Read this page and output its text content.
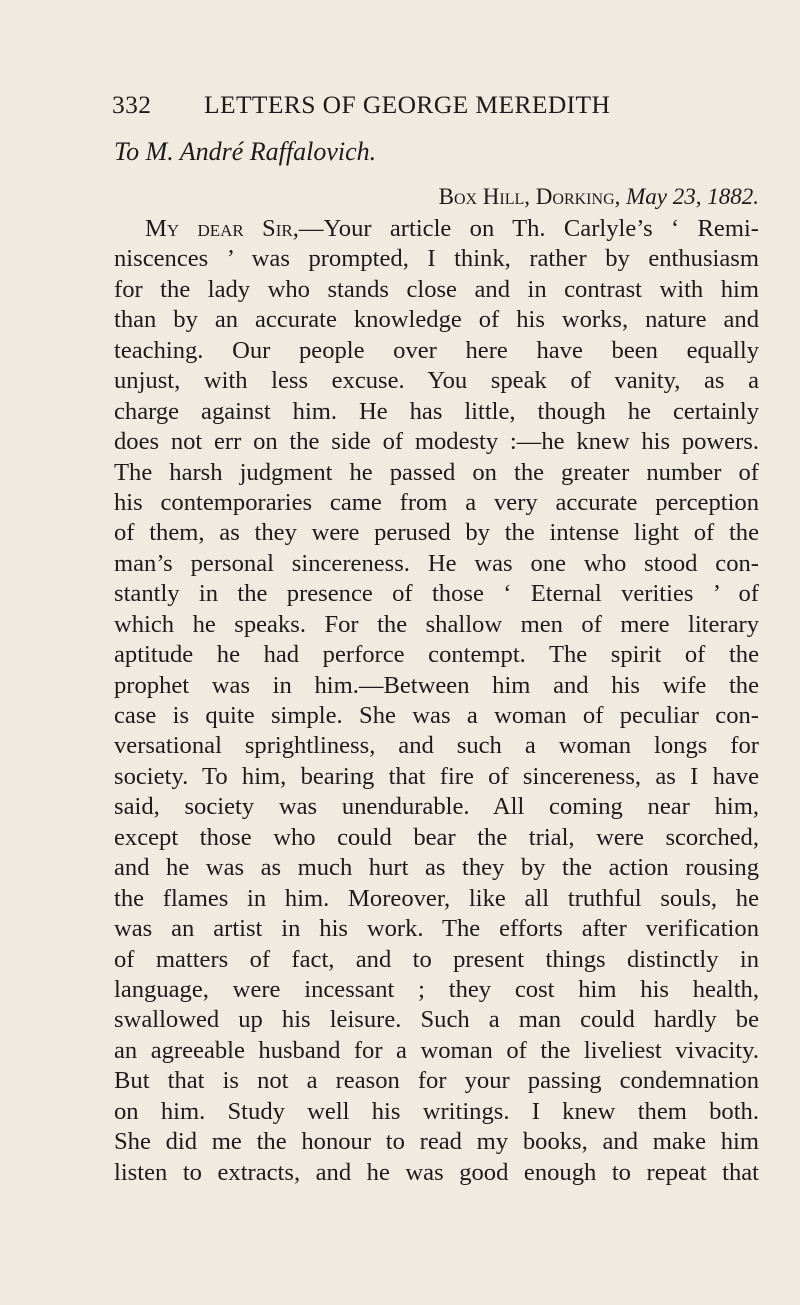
332 LETTERS OF GEORGE MEREDITH
To M. André Raffalovich.
Box Hill, Dorking, May 23, 1882.
My dear Sir,—Your article on Th. Carlyle’s ‘ Remi-
niscences ’ was prompted, I think, rather by enthusiasm
for the lady who stands close and in contrast with him
than by an accurate knowledge of his works, nature and
teaching. Our people over here have been equally
unjust, with less excuse. You speak of vanity, as a
charge against him. He has little, though he certainly
does not err on the side of modesty :—he knew his powers.
The harsh judgment he passed on the greater number of
his contemporaries came from a very accurate perception
of them, as they were perused by the intense light of the
man’s personal sincereness. He was one who stood con-
stantly in the presence of those ‘ Eternal verities ’ of
which he speaks. For the shallow men of mere literary
aptitude he had perforce contempt. The spirit of the
prophet was in him.—Between him and his wife the
case is quite simple. She was a woman of peculiar con-
versational sprightliness, and such a woman longs for
society. To him, bearing that fire of sincereness, as I have
said, society was unendurable. All coming near him,
except those who could bear the trial, were scorched,
and he was as much hurt as they by the action rousing
the flames in him. Moreover, like all truthful souls, he
was an artist in his work. The efforts after verification
of matters of fact, and to present things distinctly in
language, were incessant ; they cost him his health,
swallowed up his leisure. Such a man could hardly be
an agreeable husband for a woman of the liveliest vivacity.
But that is not a reason for your passing condemnation
on him. Study well his writings. I knew them both.
She did me the honour to read my books, and make him
listen to extracts, and he was good enough to repeat that
